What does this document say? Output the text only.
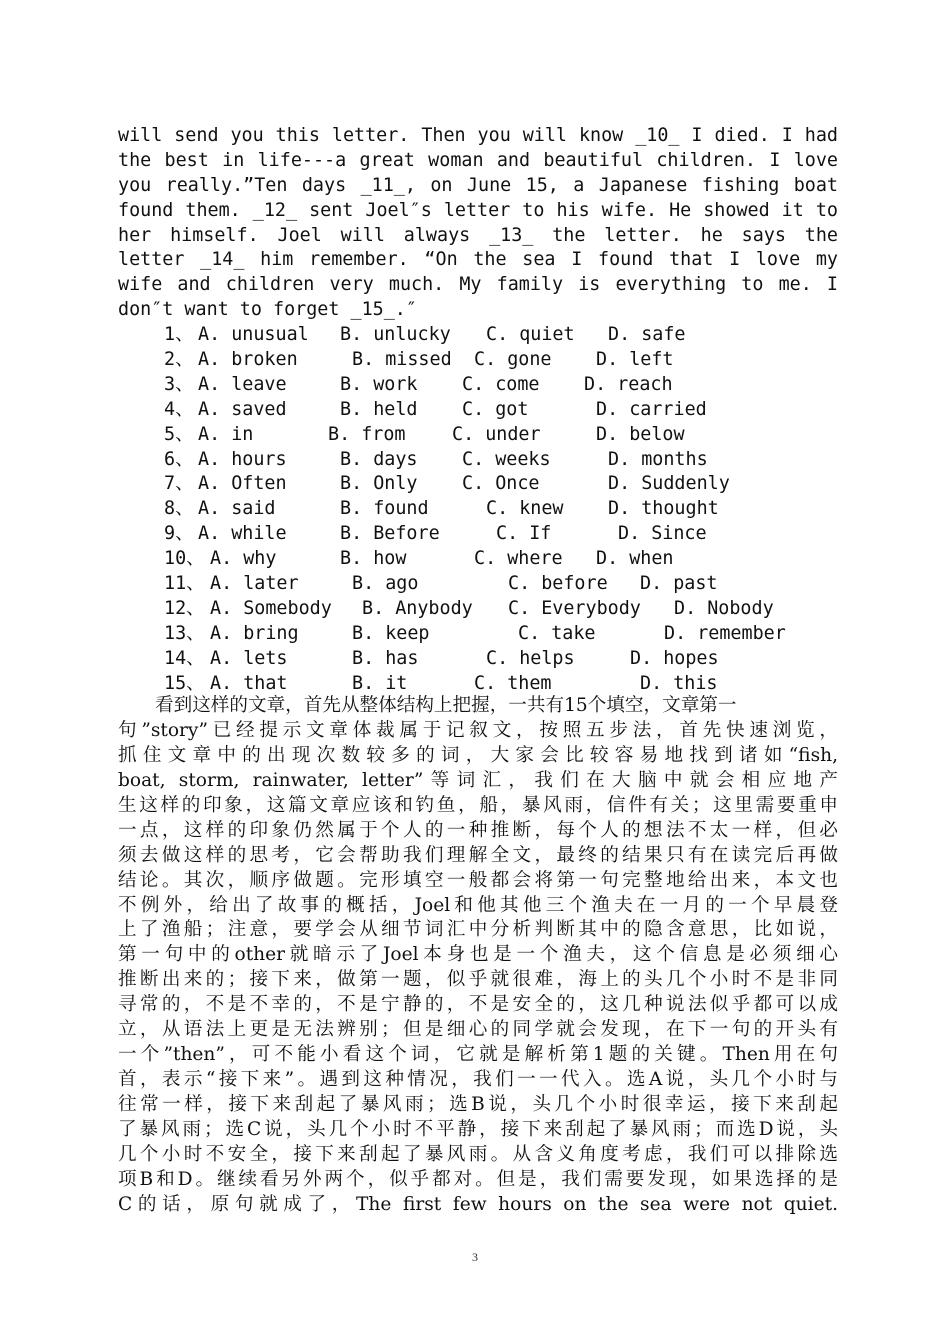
will send you this letter. Then you will know _10_ I died. I had
the best in life---a great woman and beautiful children. I love
you really.”Ten days _11_, on June 15, a Japanese fishing boat
found them. _12_ sent Joel″s letter to his wife. He showed it to
her himself. Joel will always _13_ the letter. he says the
letter _14_ him remember. “On the sea I found that I love my
wife and children very much. My family is everything to me. I
don″t want to forget _15_.″

1、

A. unusual

B. unlucky

C. quiet

D. safe

2、

A. broken

	B. missed

C. gone

D. left

3、

A. leave

	B. work

C. come

D. reach

4、

A. saved

	B. held

C. got

	D. carried

5、

A. in

	B. from

	C. under

	D. below

6、

A. hours

	B. days

C. weeks

	D. months

7、

A. Often

	B. Only

C. Once

	D. Suddenly

8、

A. said

	B. found

	C. knew

D. thought

9、

A. while

	B. Before

	C. If

	D. Since

10、

A. why

	B. how

	C. where

D. when

11、

A. later

	B. ago

	C. before

D. past

12、

A. Somebody

B. Anybody

C. Everybody

D. Nobody

13、

A. bring

	B. keep

	C. take

	D. remember

14、

A. lets

	B. has

	C. helps

	D. hopes

15、

A. that

	B. it

	C. them

	D. this

看到这样的文章，首先从整体结构上把握，一共有15个填空，文章第一
句”story”已经提示文章体裁属于记叙文，按照五步法，首先快速浏览，
抓住文章中的出现次数较多的词，大家会比较容易地找到诸如“fish,
boat, storm, rainwater, letter”等词汇，我们在大脑中就会相应地产
生这样的印象，这篇文章应该和钓鱼，船，暴风雨，信件有关；这里需要重申
一点，这样的印象仍然属于个人的一种推断，每个人的想法不太一样，但必
须去做这样的思考，它会帮助我们理解全文，最终的结果只有在读完后再做
结论。其次，顺序做题。完形填空一般都会将第一句完整地给出来，本文也
不例外，给出了故事的概括，Joel和他其他三个渔夫在一月的一个早晨登
上了渔船；注意，要学会从细节词汇中分析判断其中的隐含意思，比如说，
第一句中的other就暗示了Joel本身也是一个渔夫，这个信息是必须细心
推断出来的；接下来，做第一题，似乎就很难，海上的头几个小时不是非同
寻常的，不是不幸的，不是宁静的，不是安全的，这几种说法似乎都可以成
立，从语法上更是无法辨别；但是细心的同学就会发现，在下一句的开头有
一个”then”，可不能小看这个词，它就是解析第1题的关键。Then用在句
首，表示“接下来”。遇到这种情况，我们一一代入。选A说，头几个小时与
往常一样，接下来刮起了暴风雨；选B说，头几个小时很幸运，接下来刮起
了暴风雨；选C说，头几个小时不平静，接下来刮起了暴风雨；而选D说，头
几个小时不安全，接下来刮起了暴风雨。从含义角度考虑，我们可以排除选
项B和D。继续看另外两个，似乎都对。但是，我们需要发现，如果选择的是
C的话，原句就成了，The first few hours on the sea were not quiet.
3
